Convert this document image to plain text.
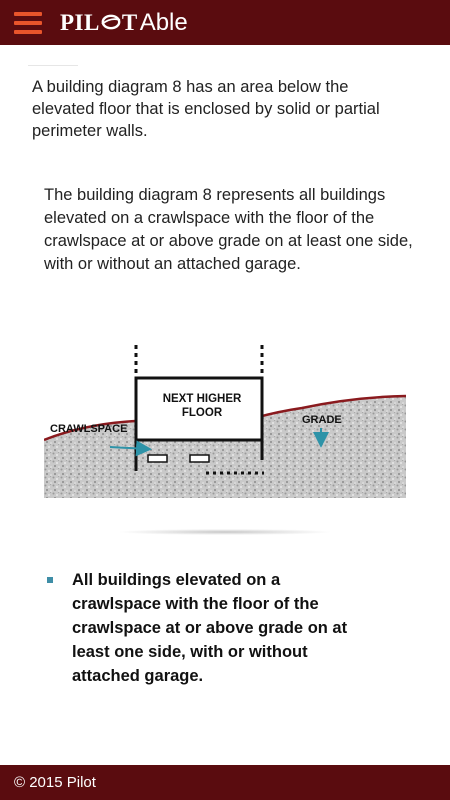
PIL T Able

A building diagram 8 has an area below the elevated floor that is enclosed by solid or partial perimeter walls.

The building diagram 8 represents all buildings elevated on a crawlspace with the floor of the crawlspace at or above grade on at least one side, with or without an attached garage.

NEXT HIGHER
FLOOR
CRAWLSPACE
GRADE

All buildings elevated on a crawlspace with the floor of the crawlspace at or above grade on at least one side, with or without attached garage.

© 2015 Pilot
